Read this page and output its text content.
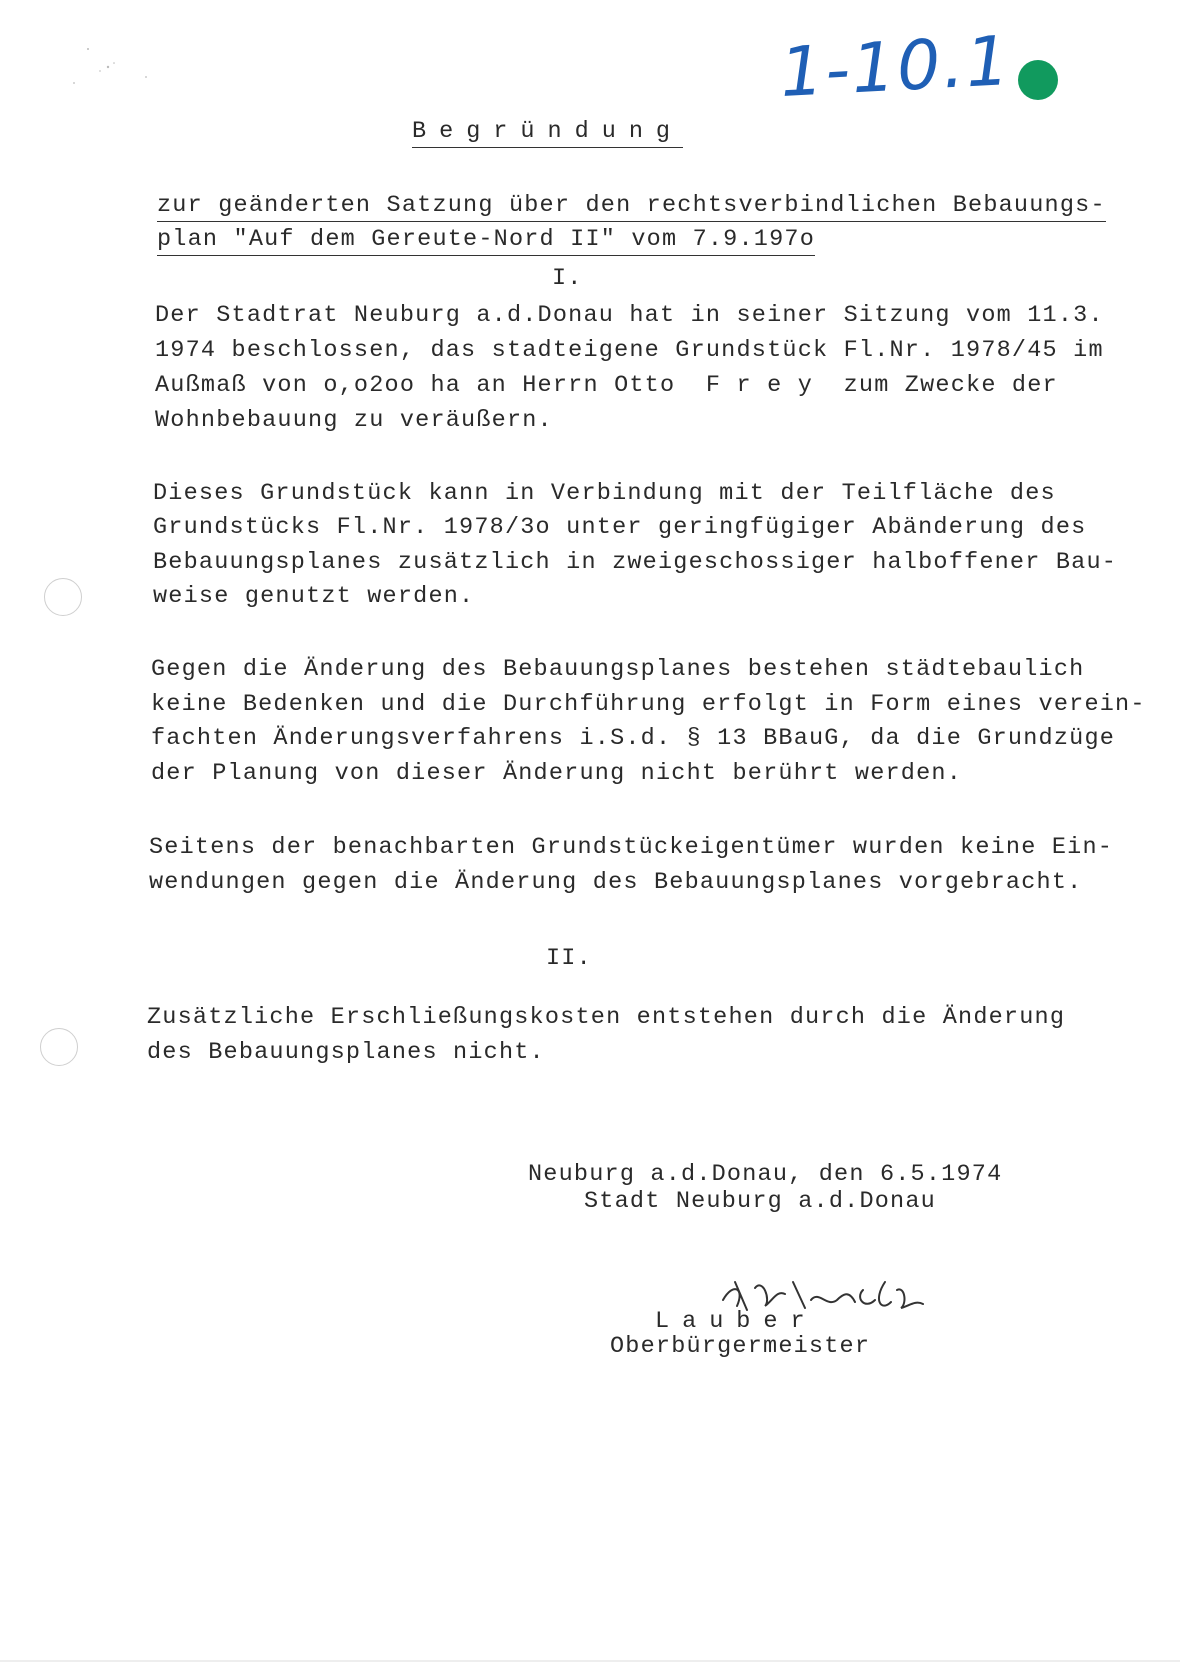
1-10.1
Begründung
zur geänderten Satzung über den rechtsverbindlichen Bebauungs-
plan "Auf dem Gereute-Nord II" vom 7.9.197o
I.
Der Stadtrat Neuburg a.d.Donau hat in seiner Sitzung vom 11.3.
1974 beschlossen, das stadteigene Grundstück Fl.Nr. 1978/45 im
Außmaß von o,o2oo ha an Herrn Otto  F r e y  zum Zwecke der
Wohnbebauung zu veräußern.
Dieses Grundstück kann in Verbindung mit der Teilfläche des
Grundstücks Fl.Nr. 1978/3o unter geringfügiger Abänderung des
Bebauungsplanes zusätzlich in zweigeschossiger halboffener Bau-
weise genutzt werden.
Gegen die Änderung des Bebauungsplanes bestehen städtebaulich
keine Bedenken und die Durchführung erfolgt in Form eines verein-
fachten Änderungsverfahrens i.S.d. § 13 BBauG, da die Grundzüge
der Planung von dieser Änderung nicht berührt werden.
Seitens der benachbarten Grundstückeigentümer wurden keine Ein-
wendungen gegen die Änderung des Bebauungsplanes vorgebracht.
II.
Zusätzliche Erschließungskosten entstehen durch die Änderung
des Bebauungsplanes nicht.
Neuburg a.d.Donau, den 6.5.1974
Stadt Neuburg a.d.Donau
Lauber
Oberbürgermeister
